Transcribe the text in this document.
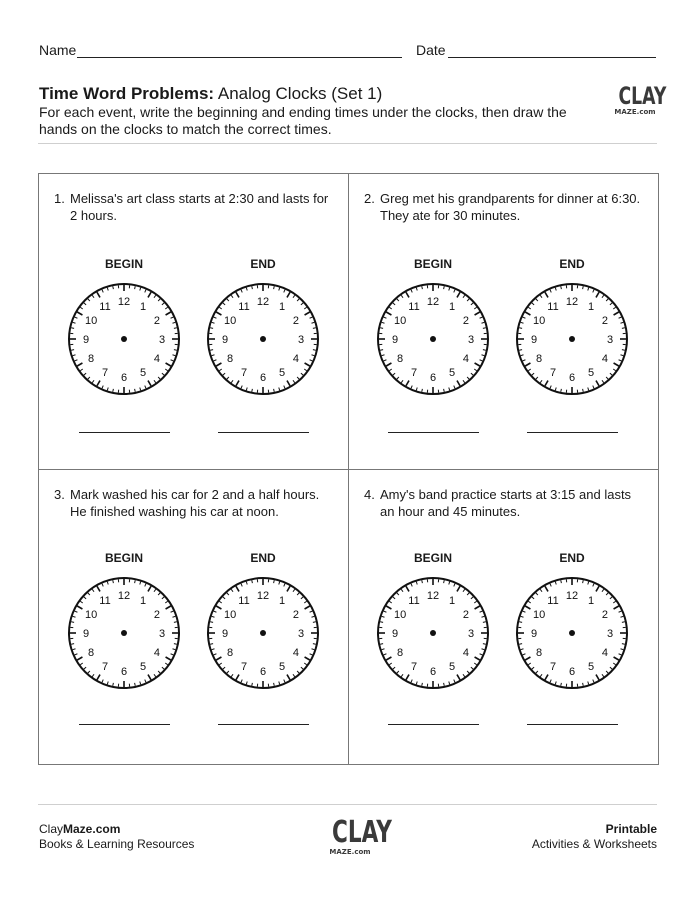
Name	Date
Time Word Problems: Analog Clocks (Set 1)
For each event, write the beginning and ending times under the clocks, then draw the hands on the clocks to match the correct times.
CLAY
MAZE.com
1. Melissa's art class starts at 2:30 and lasts for 2 hours.
BEGIN	END
12 1
2
3
4
5
6
7
8
9
10
11	12 1
2
3
4
5
6
7
8
9
10
11
2. Greg met his grandparents for dinner at 6:30. They ate for 30 minutes.
BEGIN	END
12 1
2
3
4
5
6
7
8
9
10
11	12 1
2
3
4
5
6
7
8
9
10
11
3. Mark washed his car for 2 and a half hours. He finished washing his car at noon.
BEGIN	END
12 1
2
3
4
5
6
7
8
9
10
11	12 1
2
3
4
5
6
7
8
9
10
11
4. Amy's band practice starts at 3:15 and lasts an hour and 45 minutes.
BEGIN	END
12 1
2
3
4
5
6
7
8
9
10
11	12 1
2
3
4
5
6
7
8
9
10
11
ClayMaze.com
Books & Learning Resources	CLAY
MAZE.com
Printable
Activities & Worksheets
